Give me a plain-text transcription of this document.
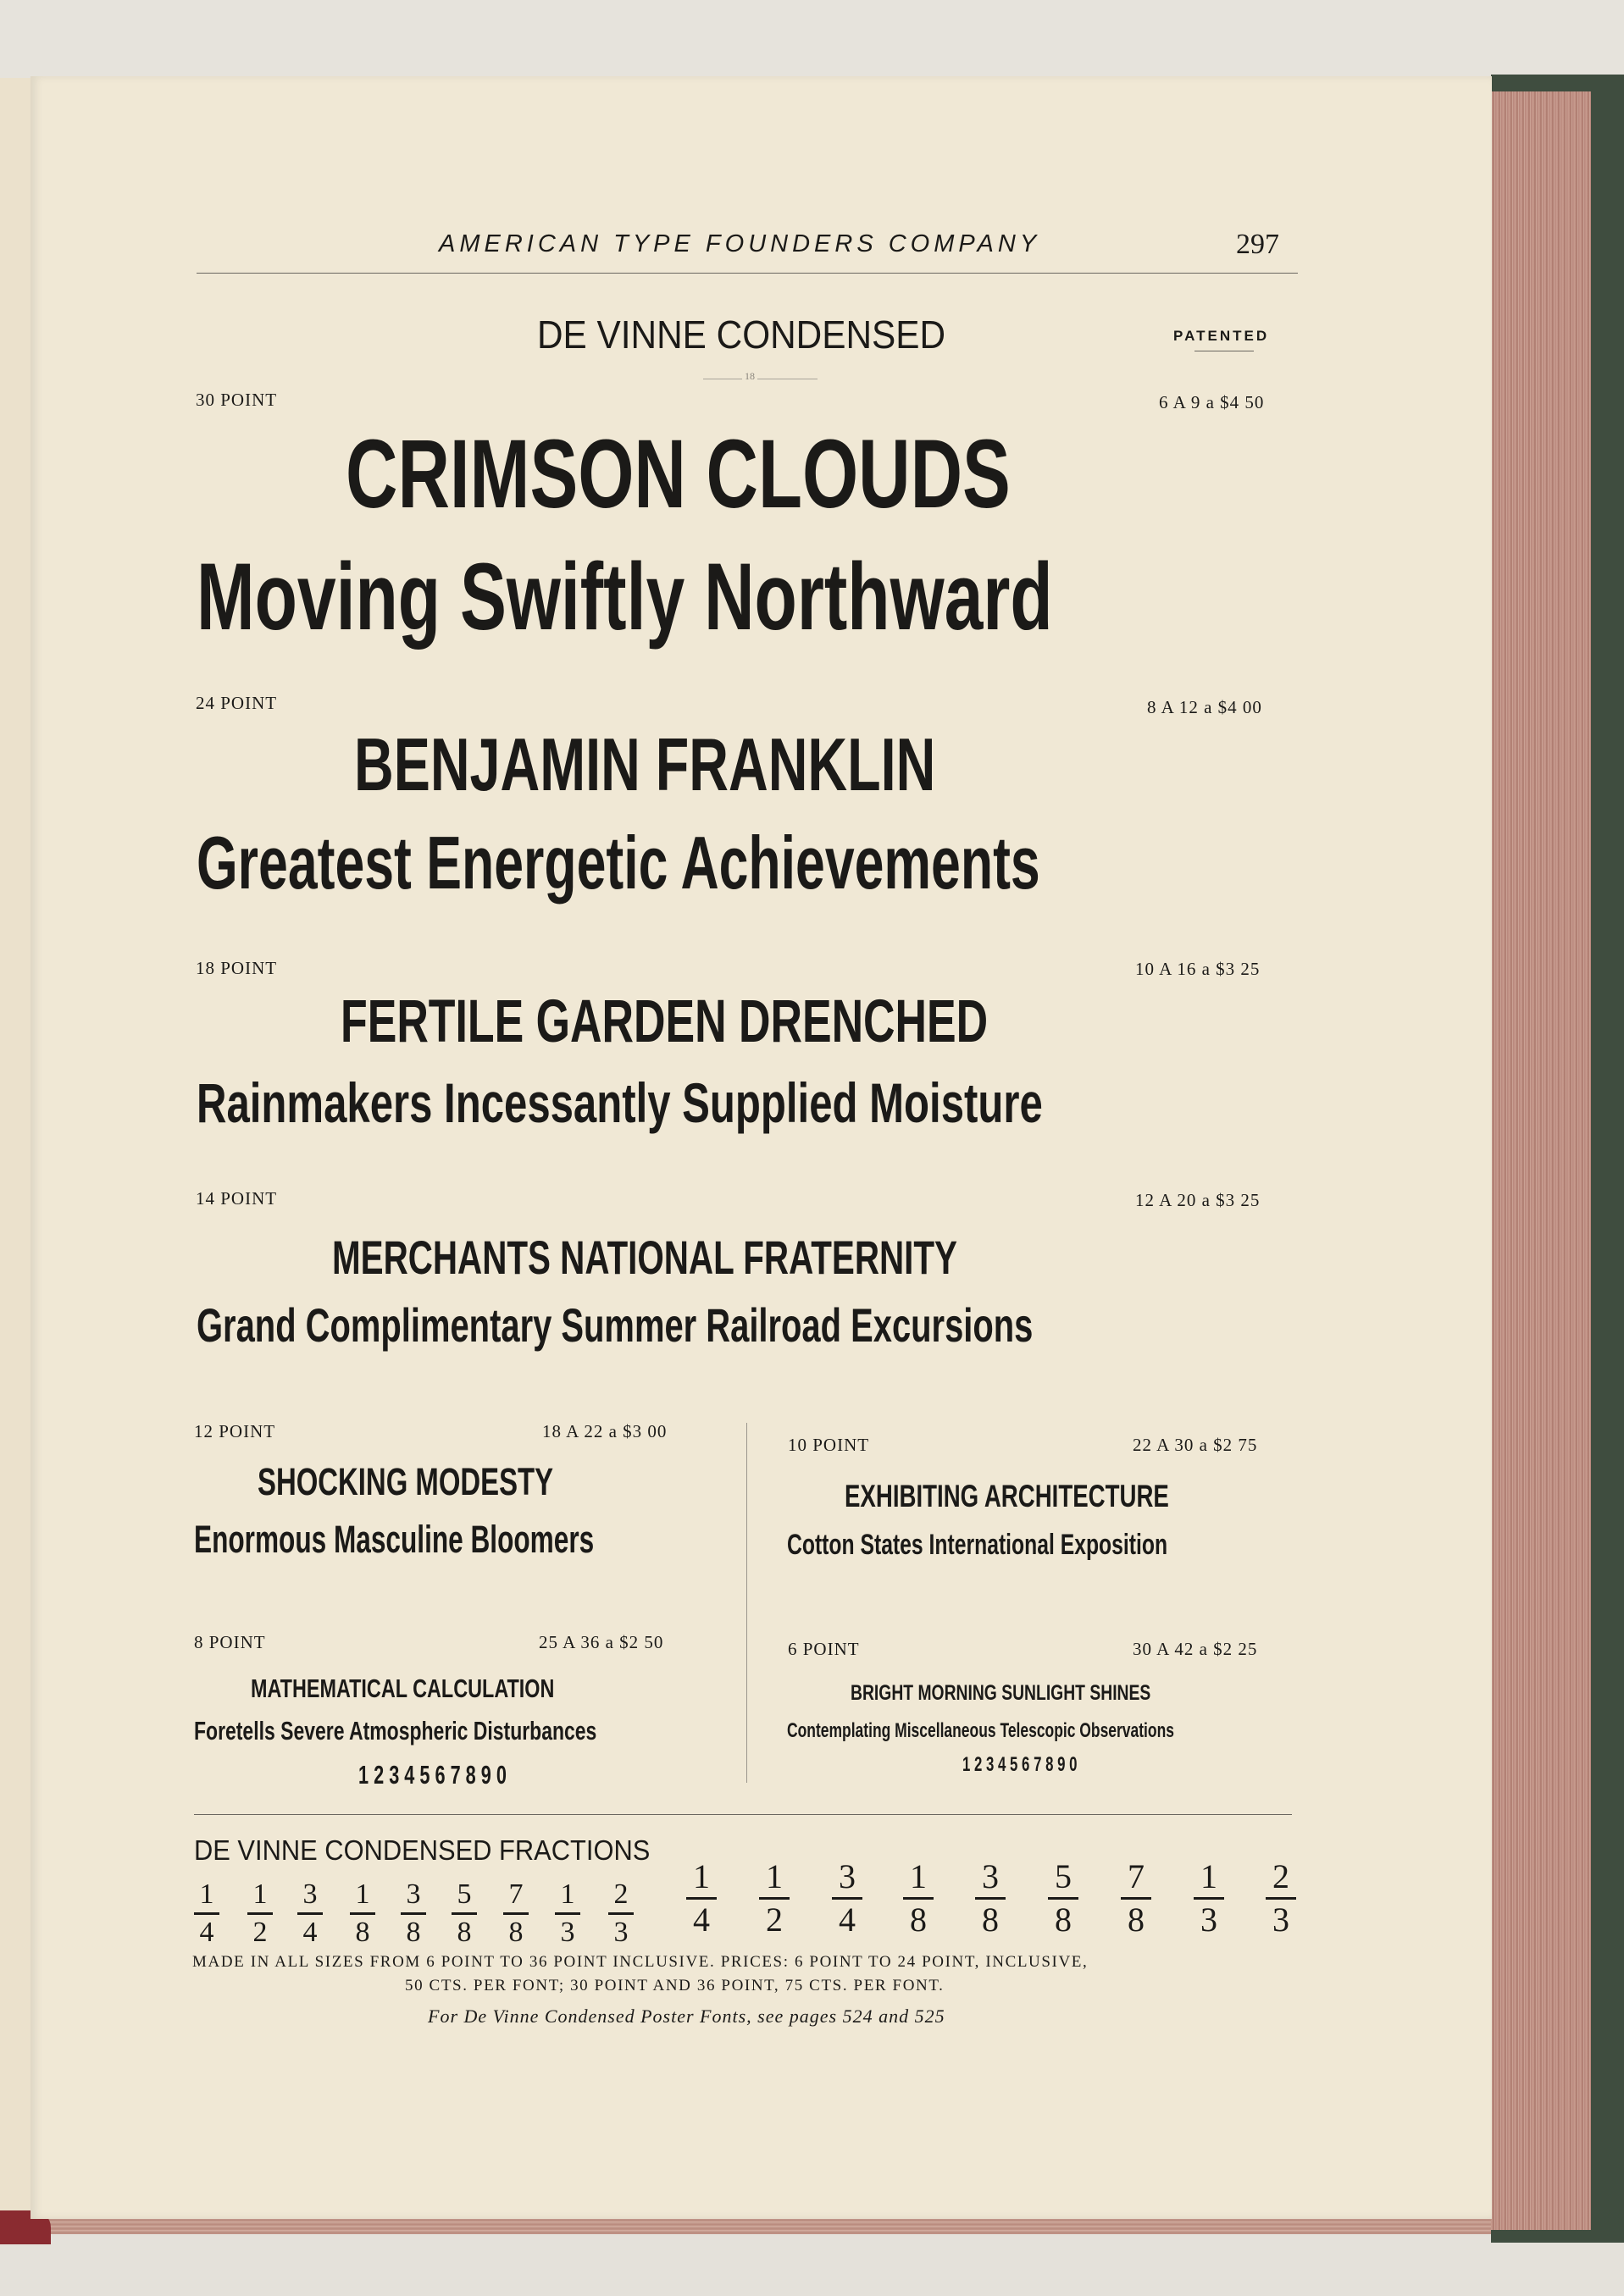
AMERICAN TYPE FOUNDERS COMPANY	297
DE VINNE CONDENSED	PATENTED
18
30 POINT	6 A 9 a $4 50
CRIMSON CLOUDS
Moving Swiftly Northward
24 POINT	8 A 12 a $4 00
BENJAMIN FRANKLIN
Greatest Energetic Achievements
18 POINT	10 A 16 a $3 25
FERTILE GARDEN DRENCHED
Rainmakers Incessantly Supplied Moisture
14 POINT	12 A 20 a $3 25
MERCHANTS NATIONAL FRATERNITY
Grand Complimentary Summer Railroad Excursions
12 POINT	18 A 22 a $3 00
SHOCKING MODESTY
Enormous Masculine Bloomers
10 POINT	22 A 30 a $2 75
EXHIBITING ARCHITECTURE
Cotton States International Exposition
8 POINT	25 A 36 a $2 50
MATHEMATICAL CALCULATION
Foretells Severe Atmospheric Disturbances
1 2 3 4 5 6 7 8 9 0
6 POINT	30 A 42 a $2 25
BRIGHT MORNING SUNLIGHT SHINES
Contemplating Miscellaneous Telescopic Observations
1 2 3 4 5 6 7 8 9 0
DE VINNE CONDENSED FRACTIONS
1
4
1
2
3
4
1
8
3
8
5
8
7
8
1
3
2
3
1
4
1
2
3
4
1
8
3
8
5
8
7
8
1
3
2
3
MADE IN ALL SIZES FROM 6 POINT TO 36 POINT INCLUSIVE. PRICES: 6 POINT TO 24 POINT, INCLUSIVE,
50 CTS. PER FONT; 30 POINT AND 36 POINT, 75 CTS. PER FONT.
For De Vinne Condensed Poster Fonts, see pages 524 and 525
